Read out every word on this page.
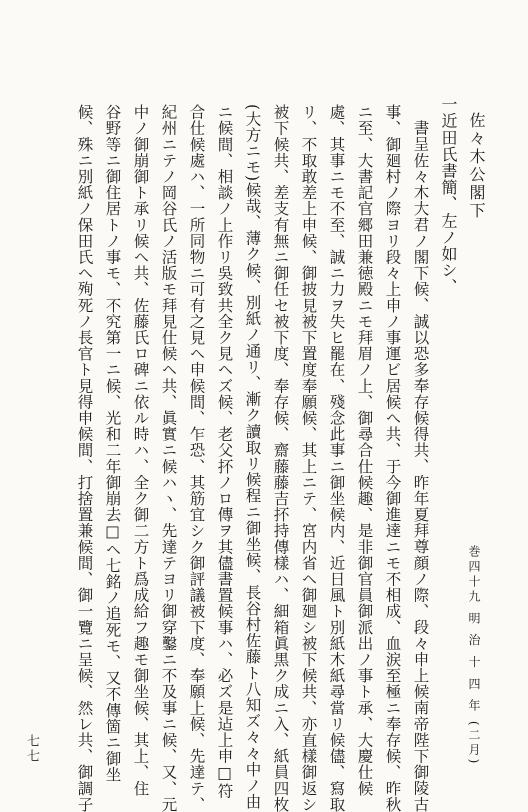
佐々木公閣下
一近田氏書簡、左ノ如シ、
書呈佐々木大君ノ閣下候、誠以恐多奉存候得共、昨年夏拜尊顔ノ際、段々申上候南帝陛下御陵古
事、御廻村ノ際ヨリ段々上申ノ事運ビ居候へ共、于今御進達ニモ不相成、血涙至極ニ奉存候、昨秋
ニ至、大書記官郷田兼徳殿ニモ拜眉ノ上、御尋合仕候趣、是非御官員御派出ノ事ト承、大慶仕候
處、其事ニモ不至、誠ニ力ヲ失ヒ罷在、殘念此事ニ御坐候内、近日風ト別紙木紙尋當リ候儘、寫取
リ、不取敢差上申候、御披見被下置度奉願候、其上ニテ、宮内省ヘ御廻シ被下候共、亦直樣御返シ
被下候共、差支有無ニ御任セ被下度、奉存候、齋藤藤吉抔持傳樣ハ、細箱眞黒ク成ニ入、紙員四枚
(大方ニモ)候哉、薄ク候、別紙ノ通リ、漸ク讀取リ候程ニ御坐候、長谷村佐藤ト八知ズ々々中ノ由
ニ候間、相談ノ上作リ吳致共全ク見ヘズ候、老父抔ノロ傳ヲ其儘書置候事ハ、必ズ是迠上申□符
合仕候處ハ、一所同物ニ可有之見ヘ申候間、乍恐、其筋宜シク御評議被下度、奉願上候、先達テ、
紀州ニテノ岡谷氏ノ活版モ拜見仕候ヘ共、眞實ニ候ハヽ、先達テヨリ御穿鑿ニ不及事ニ候、又、元
中ノ御崩御ト承リ候ヘ共、佐藤氏ロ碑ニ依ル時ハ、全ク御二方ト爲成給フ趣モ御坐候、其上、住
谷野等ニ御住居トノ事モ、不究第一ニ候、光和二年御崩去□ヘ七銘ノ追死モ、又不傳箇ニ御坐
候、殊ニ別紙ノ保田氏ヘ殉死ノ長官ト見得申候間、打捨置兼候間、御一覽ニ呈候、然レ共、御調子	巻四十九 明 治 十 四 年 (二月)
七七
